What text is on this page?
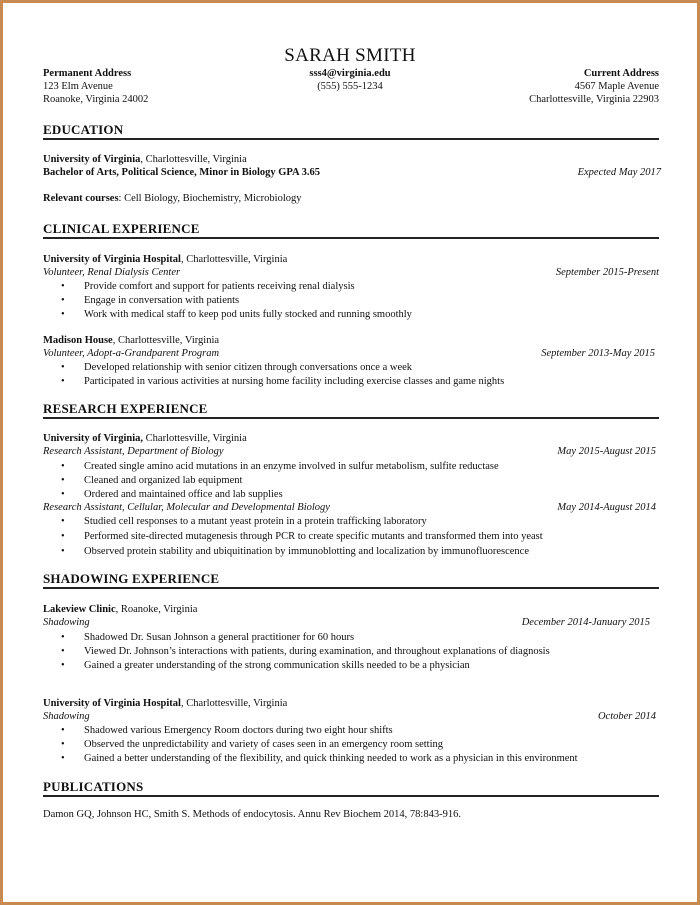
SARAH SMITH
Permanent Address
123 Elm Avenue
Roanoke, Virginia 24002
sss4@virginia.edu
(555) 555-1234
Current Address
4567 Maple Avenue
Charlottesville, Virginia 22903
EDUCATION
University of Virginia, Charlottesville, Virginia
Bachelor of Arts, Political Science, Minor in Biology GPA 3.65	Expected May 2017
Relevant courses: Cell Biology, Biochemistry, Microbiology
CLINICAL EXPERIENCE
University of Virginia Hospital, Charlottesville, Virginia
Volunteer, Renal Dialysis Center	September 2015-Present
Provide comfort and support for patients receiving renal dialysis
Engage in conversation with patients
Work with medical staff to keep pod units fully stocked and running smoothly
Madison House, Charlottesville, Virginia
Volunteer, Adopt-a-Grandparent Program	September 2013-May 2015
Developed relationship with senior citizen through conversations once a week
Participated in various activities at nursing home facility including exercise classes and game nights
RESEARCH EXPERIENCE
University of Virginia, Charlottesville, Virginia
Research Assistant, Department of Biology	May 2015-August 2015
Created single amino acid mutations in an enzyme involved in sulfur metabolism, sulfite reductase
Cleaned and organized lab equipment
Ordered and maintained office and lab supplies
Research Assistant, Cellular, Molecular and Developmental Biology	May 2014-August 2014
Studied cell responses to a mutant yeast protein in a protein trafficking laboratory
Performed site-directed mutagenesis through PCR to create specific mutants and transformed them into yeast
Observed protein stability and ubiquitination by immunoblotting and localization by immunofluorescence
SHADOWING EXPERIENCE
Lakeview Clinic, Roanoke, Virginia
Shadowing	December 2014-January 2015
Shadowed Dr. Susan Johnson a general practitioner for 60 hours
Viewed Dr. Johnson’s interactions with patients, during examination, and throughout explanations of diagnosis
Gained a greater understanding of the strong communication skills needed to be a physician
University of Virginia Hospital, Charlottesville, Virginia
Shadowing	October 2014
Shadowed various Emergency Room doctors during two eight hour shifts
Observed the unpredictability and variety of cases seen in an emergency room setting
Gained a better understanding of the flexibility, and quick thinking needed to work as a physician in this environment
PUBLICATIONS
Damon GQ, Johnson HC, Smith S. Methods of endocytosis. Annu Rev Biochem 2014, 78:843-916.
